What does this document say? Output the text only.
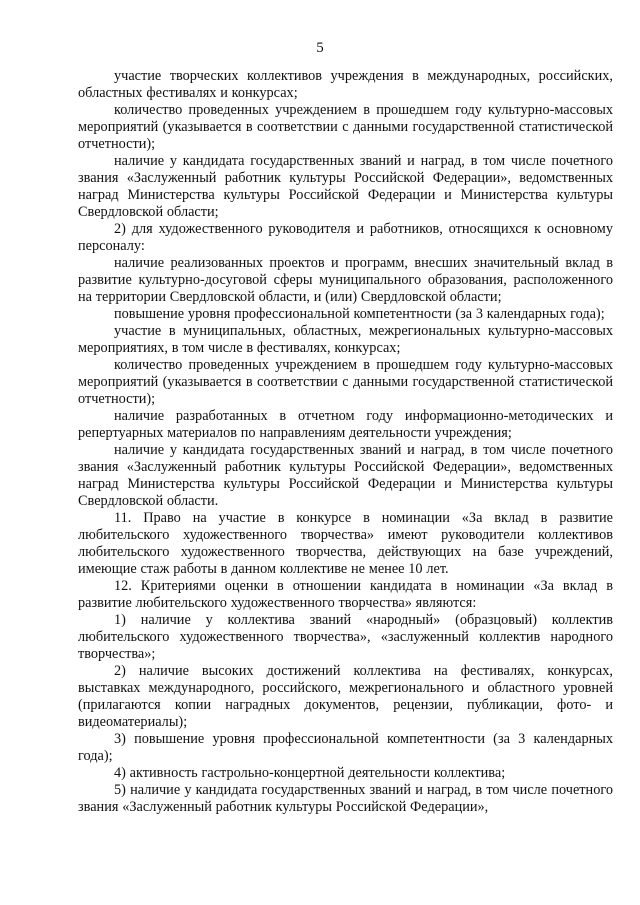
5

участие творческих коллективов учреждения в международных, российских, областных фестивалях и конкурсах;

количество проведенных учреждением в прошедшем году культурно-массовых мероприятий (указывается в соответствии с данными государственной статистической отчетности);

наличие у кандидата государственных званий и наград, в том числе почетного звания «Заслуженный работник культуры Российской Федерации», ведомственных наград Министерства культуры Российской Федерации и Министерства культуры Свердловской области;

2) для художественного руководителя и работников, относящихся к основному персоналу:

наличие реализованных проектов и программ, внесших значительный вклад в развитие культурно-досуговой сферы муниципального образования, расположенного на территории Свердловской области, и (или) Свердловской области;

повышение уровня профессиональной компетентности (за 3 календарных года);

участие в муниципальных, областных, межрегиональных культурно-массовых мероприятиях, в том числе в фестивалях, конкурсах;

количество проведенных учреждением в прошедшем году культурно-массовых мероприятий (указывается в соответствии с данными государственной статистической отчетности);

наличие разработанных в отчетном году информационно-методических и репертуарных материалов по направлениям деятельности учреждения;

наличие у кандидата государственных званий и наград, в том числе почетного звания «Заслуженный работник культуры Российской Федерации», ведомственных наград Министерства культуры Российской Федерации и Министерства культуры Свердловской области.

11. Право на участие в конкурсе в номинации «За вклад в развитие любительского художественного творчества» имеют руководители коллективов любительского художественного творчества, действующих на базе учреждений, имеющие стаж работы в данном коллективе не менее 10 лет.

12. Критериями оценки в отношении кандидата в номинации «За вклад в развитие любительского художественного творчества» являются:

1) наличие у коллектива званий «народный» (образцовый) коллектив любительского художественного творчества», «заслуженный коллектив народного творчества»;

2) наличие высоких достижений коллектива на фестивалях, конкурсах, выставках международного, российского, межрегионального и областного уровней (прилагаются копии наградных документов, рецензии, публикации, фото- и видеоматериалы);

3) повышение уровня профессиональной компетентности (за 3 календарных года);

4) активность гастрольно-концертной деятельности коллектива;

5) наличие у кандидата государственных званий и наград, в том числе почетного звания «Заслуженный работник культуры Российской Федерации»,
